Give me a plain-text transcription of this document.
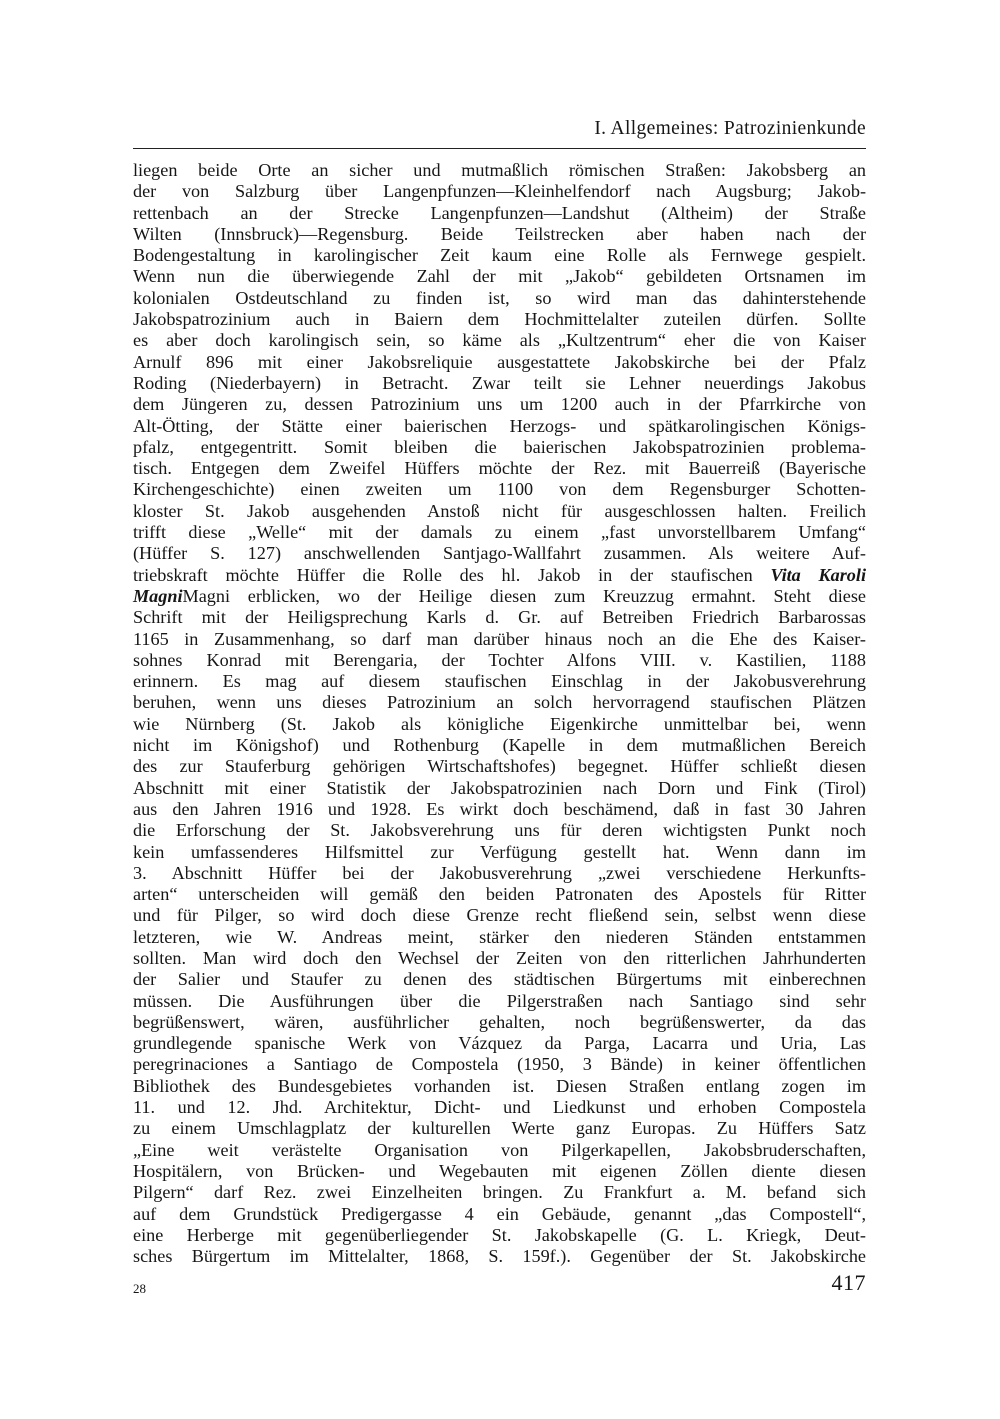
I. Allgemeines: Patrozinienkunde
liegen beide Orte an sicher und mutmaßlich römischen Straßen: Jakobsberg an
der von Salzburg über Langenpfunzen—Kleinhelfendorf nach Augsburg; Jakob-
rettenbach an der Strecke Langenpfunzen—Landshut (Altheim) der Straße
Wilten (Innsbruck)—Regensburg. Beide Teilstrecken aber haben nach der
Bodengestaltung in karolingischer Zeit kaum eine Rolle als Fernwege gespielt.
Wenn nun die überwiegende Zahl der mit „Jakob“ gebildeten Ortsnamen im
kolonialen Ostdeutschland zu finden ist, so wird man das dahinterstehende
Jakobspatrozinium auch in Baiern dem Hochmittelalter zuteilen dürfen. Sollte
es aber doch karolingisch sein, so käme als „Kultzentrum“ eher die von Kaiser
Arnulf 896 mit einer Jakobsreliquie ausgestattete Jakobskirche bei der Pfalz
Roding (Niederbayern) in Betracht. Zwar teilt sie Lehner neuerdings Jakobus
dem Jüngeren zu, dessen Patrozinium uns um 1200 auch in der Pfarrkirche von
Alt-Ötting, der Stätte einer baierischen Herzogs- und spätkarolingischen Königs-
pfalz, entgegentritt. Somit bleiben die baierischen Jakobspatrozinien problema-
tisch. Entgegen dem Zweifel Hüffers möchte der Rez. mit Bauerreiß (Bayerische
Kirchengeschichte) einen zweiten um 1100 von dem Regensburger Schotten-
kloster St. Jakob ausgehenden Anstoß nicht für ausgeschlossen halten. Freilich
trifft diese „Welle“ mit der damals zu einem „fast unvorstellbarem Umfang“
(Hüffer S. 127) anschwellenden Santjago-Wallfahrt zusammen. Als weitere Auf-
triebskraft möchte Hüffer die Rolle des hl. Jakob in der staufischen Vita Karoli
MagniMagni erblicken, wo der Heilige diesen zum Kreuzzug ermahnt. Steht diese
Schrift mit der Heiligsprechung Karls d. Gr. auf Betreiben Friedrich Barbarossas
1165 in Zusammenhang, so darf man darüber hinaus noch an die Ehe des Kaiser-
sohnes Konrad mit Berengaria, der Tochter Alfons VIII. v. Kastilien, 1188
erinnern. Es mag auf diesem staufischen Einschlag in der Jakobusverehrung
beruhen, wenn uns dieses Patrozinium an solch hervorragend staufischen Plätzen
wie Nürnberg (St. Jakob als königliche Eigenkirche unmittelbar bei, wenn
nicht im Königshof) und Rothenburg (Kapelle in dem mutmaßlichen Bereich
des zur Stauferburg gehörigen Wirtschaftshofes) begegnet. Hüffer schließt diesen
Abschnitt mit einer Statistik der Jakobspatrozinien nach Dorn und Fink (Tirol)
aus den Jahren 1916 und 1928. Es wirkt doch beschämend, daß in fast 30 Jahren
die Erforschung der St. Jakobsverehrung uns für deren wichtigsten Punkt noch
kein umfassenderes Hilfsmittel zur Verfügung gestellt hat. Wenn dann im
3. Abschnitt Hüffer bei der Jakobusverehrung „zwei verschiedene Herkunfts-
arten“ unterscheiden will gemäß den beiden Patronaten des Apostels für Ritter
und für Pilger, so wird doch diese Grenze recht fließend sein, selbst wenn diese
letzteren, wie W. Andreas meint, stärker den niederen Ständen entstammen
sollten. Man wird doch den Wechsel der Zeiten von den ritterlichen Jahrhunderten
der Salier und Staufer zu denen des städtischen Bürgertums mit einberechnen
müssen. Die Ausführungen über die Pilgerstraßen nach Santiago sind sehr
begrüßenswert, wären, ausführlicher gehalten, noch begrüßenswerter, da das
grundlegende spanische Werk von Vázquez da Parga, Lacarra und Uria, Las
peregrinaciones a Santiago de Compostela (1950, 3 Bände) in keiner öffentlichen
Bibliothek des Bundesgebietes vorhanden ist. Diesen Straßen entlang zogen im
11. und 12. Jhd. Architektur, Dicht- und Liedkunst und erhoben Compostela
zu einem Umschlagplatz der kulturellen Werte ganz Europas. Zu Hüffers Satz
„Eine weit verästelte Organisation von Pilgerkapellen, Jakobsbruderschaften,
Hospitälern, von Brücken- und Wegebauten mit eigenen Zöllen diente diesen
Pilgern“ darf Rez. zwei Einzelheiten bringen. Zu Frankfurt a. M. befand sich
auf dem Grundstück Predigergasse 4 ein Gebäude, genannt „das Compostell“,
eine Herberge mit gegenüberliegender St. Jakobskapelle (G. L. Kriegk, Deut-
sches Bürgertum im Mittelalter, 1868, S. 159f.). Gegenüber der St. Jakobskirche
28	417
